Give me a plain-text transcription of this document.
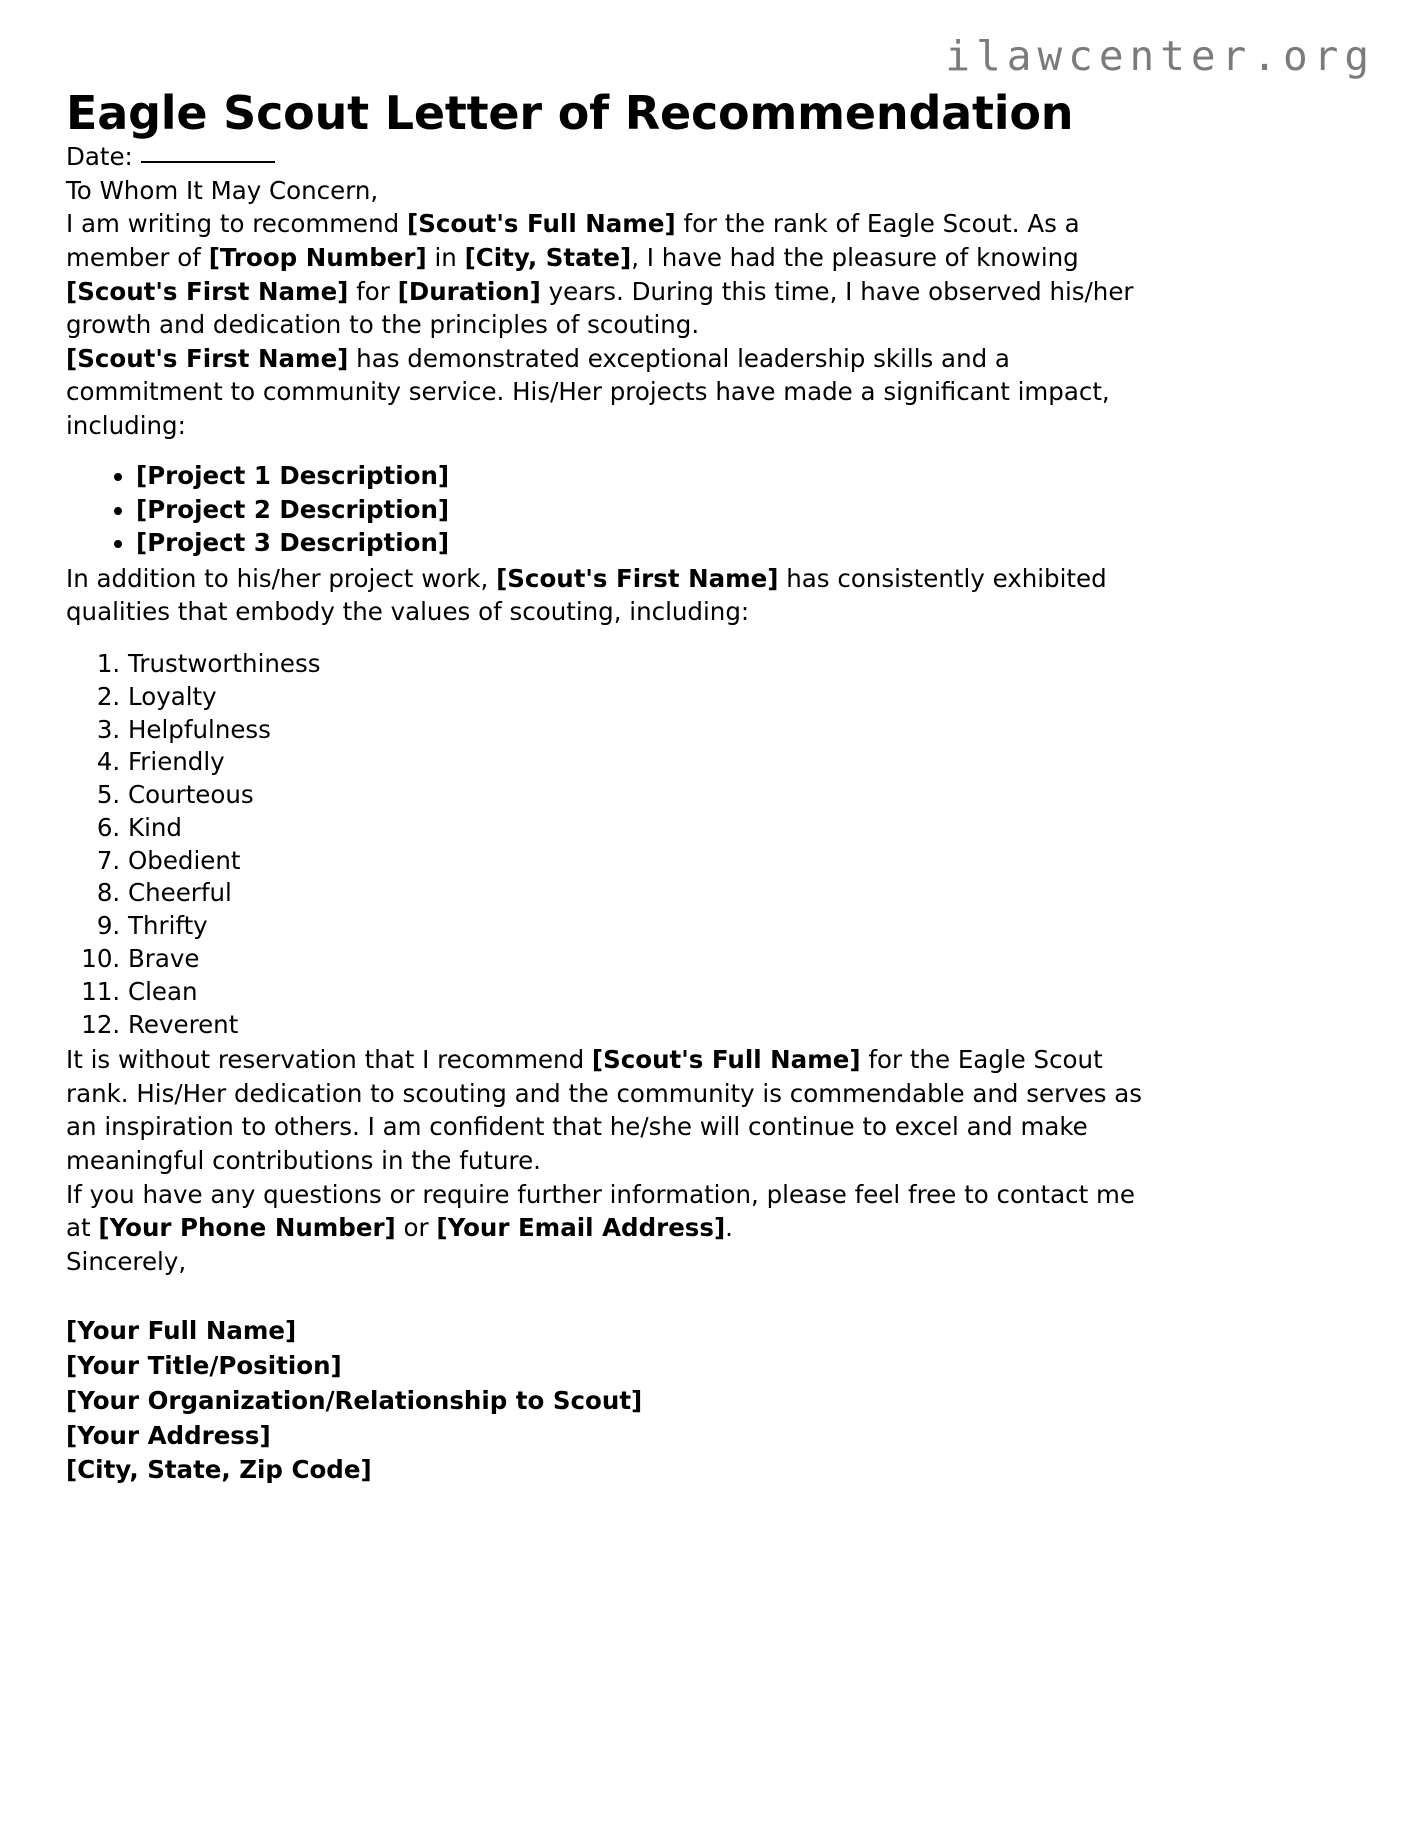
ilawcenter.org
Eagle Scout Letter of Recommendation

Date:

To Whom It May Concern,

I am writing to recommend [Scout's Full Name] for the rank of Eagle Scout. As a member of [Troop Number] in [City, State], I have had the pleasure of knowing [Scout's First Name] for [Duration] years. During this time, I have observed his/her growth and dedication to the principles of scouting.

[Scout's First Name] has demonstrated exceptional leadership skills and a commitment to community service. His/Her projects have made a significant impact, including:

• [Project 1 Description]
• [Project 2 Description]
• [Project 3 Description]

In addition to his/her project work, [Scout's First Name] has consistently exhibited qualities that embody the values of scouting, including:

1. Trustworthiness
2. Loyalty
3. Helpfulness
4. Friendly
5. Courteous
6. Kind
7. Obedient
8. Cheerful
9. Thrifty
10. Brave
11. Clean
12. Reverent

It is without reservation that I recommend [Scout's Full Name] for the Eagle Scout rank. His/Her dedication to scouting and the community is commendable and serves as an inspiration to others. I am confident that he/she will continue to excel and make meaningful contributions in the future.

If you have any questions or require further information, please feel free to contact me at [Your Phone Number] or [Your Email Address].

Sincerely,

[Your Full Name]
[Your Title/Position]
[Your Organization/Relationship to Scout]
[Your Address]
[City, State, Zip Code]
